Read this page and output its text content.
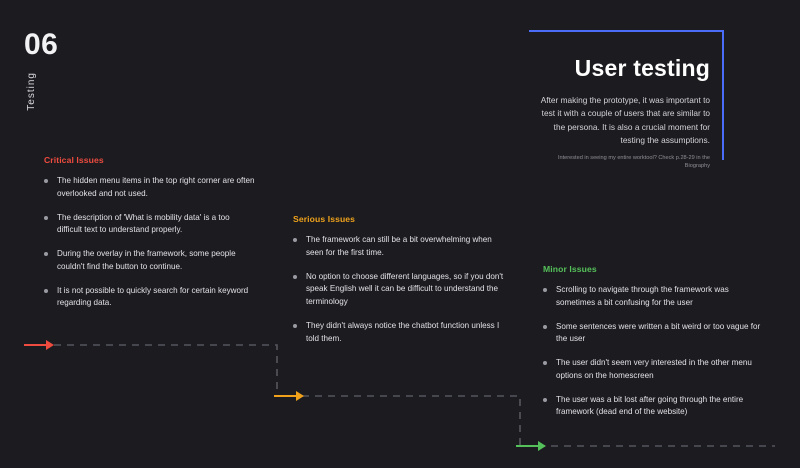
06
Testing
User testing
After making the prototype, it was important to test it with a couple of users that are similar to the persona. It is also a crucial moment for testing the assumptions.
Interested in seeing my entire worktool? Check p.28-29 in the Biography
Critical Issues
The hidden menu items in the top right corner are often overlooked and not used.
The description of 'What is mobility data' is a too difficult text to understand properly.
During the overlay in the framework, some people couldn't find the button to continue.
It is not possible to quickly search for certain keyword regarding data.
Serious Issues
The framework can still be a bit overwhelming when seen for the first time.
No option to choose different languages, so if you don't speak English well it can be difficult to understand the terminology
They didn't always notice the chatbot function unless I told them.
Minor Issues
Scrolling to navigate through the framework was sometimes a bit confusing for the user
Some sentences were written a bit weird or too vague for the user
The user didn't seem very interested in the other menu options on the homescreen
The user was a bit lost after going through the entire framework (dead end of the website)
